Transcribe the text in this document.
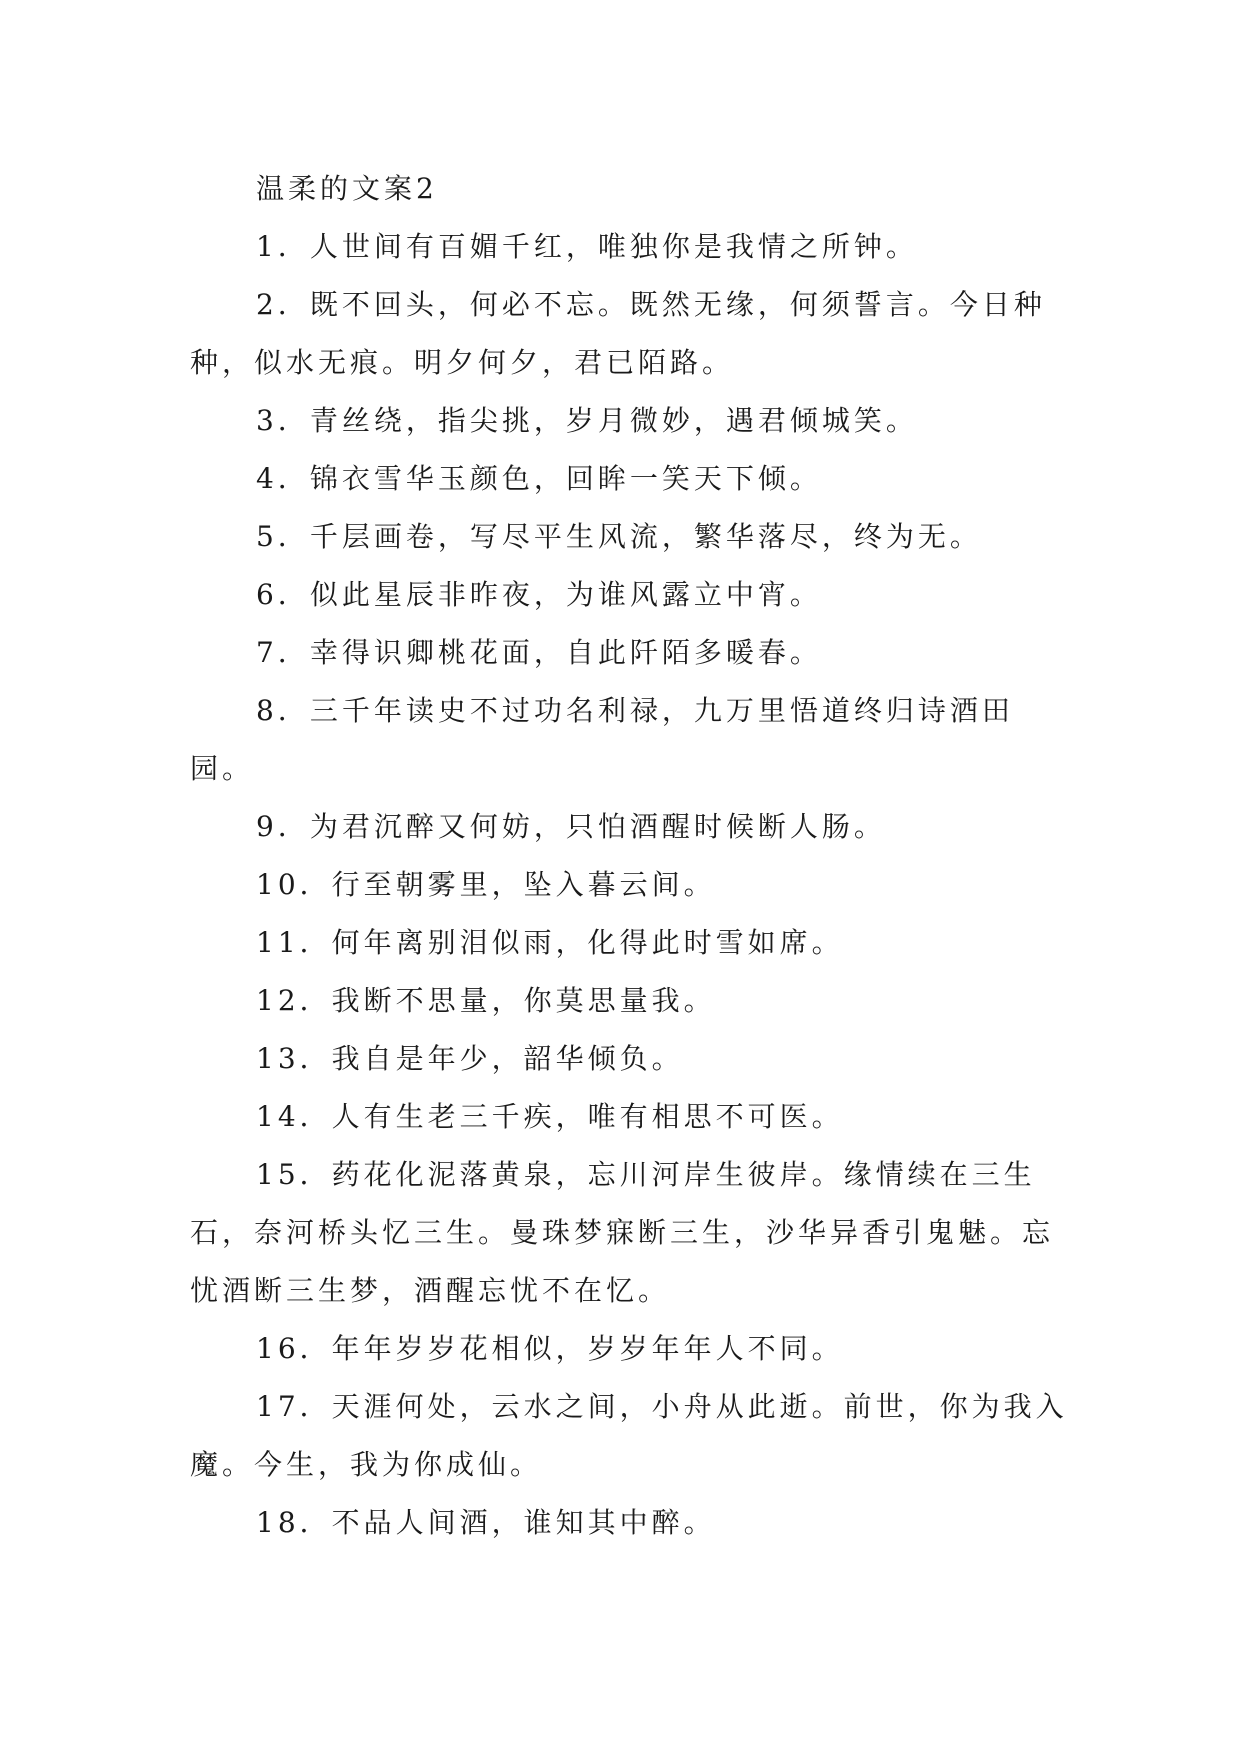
温柔的文案2

1．人世间有百媚千红，唯独你是我情之所钟。

2．既不回头，何必不忘。既然无缘，何须誓言。今日种种，似水无痕。明夕何夕，君已陌路。

3．青丝绕，指尖挑，岁月微妙，遇君倾城笑。

4．锦衣雪华玉颜色，回眸一笑天下倾。

5．千层画卷，写尽平生风流，繁华落尽，终为无。

6．似此星辰非昨夜，为谁风露立中宵。

7．幸得识卿桃花面，自此阡陌多暖春。

8．三千年读史不过功名利禄，九万里悟道终归诗酒田园。

9．为君沉醉又何妨，只怕酒醒时候断人肠。

10．行至朝雾里，坠入暮云间。

11．何年离别泪似雨，化得此时雪如席。

12．我断不思量，你莫思量我。

13．我自是年少，韶华倾负。

14．人有生老三千疾，唯有相思不可医。

15．药花化泥落黄泉，忘川河岸生彼岸。缘情续在三生石，奈河桥头忆三生。曼珠梦寐断三生，沙华异香引鬼魅。忘忧酒断三生梦，酒醒忘忧不在忆。

16．年年岁岁花相似，岁岁年年人不同。

17．天涯何处，云水之间，小舟从此逝。前世，你为我入魔。今生，我为你成仙。

18．不品人间酒，谁知其中醉。
